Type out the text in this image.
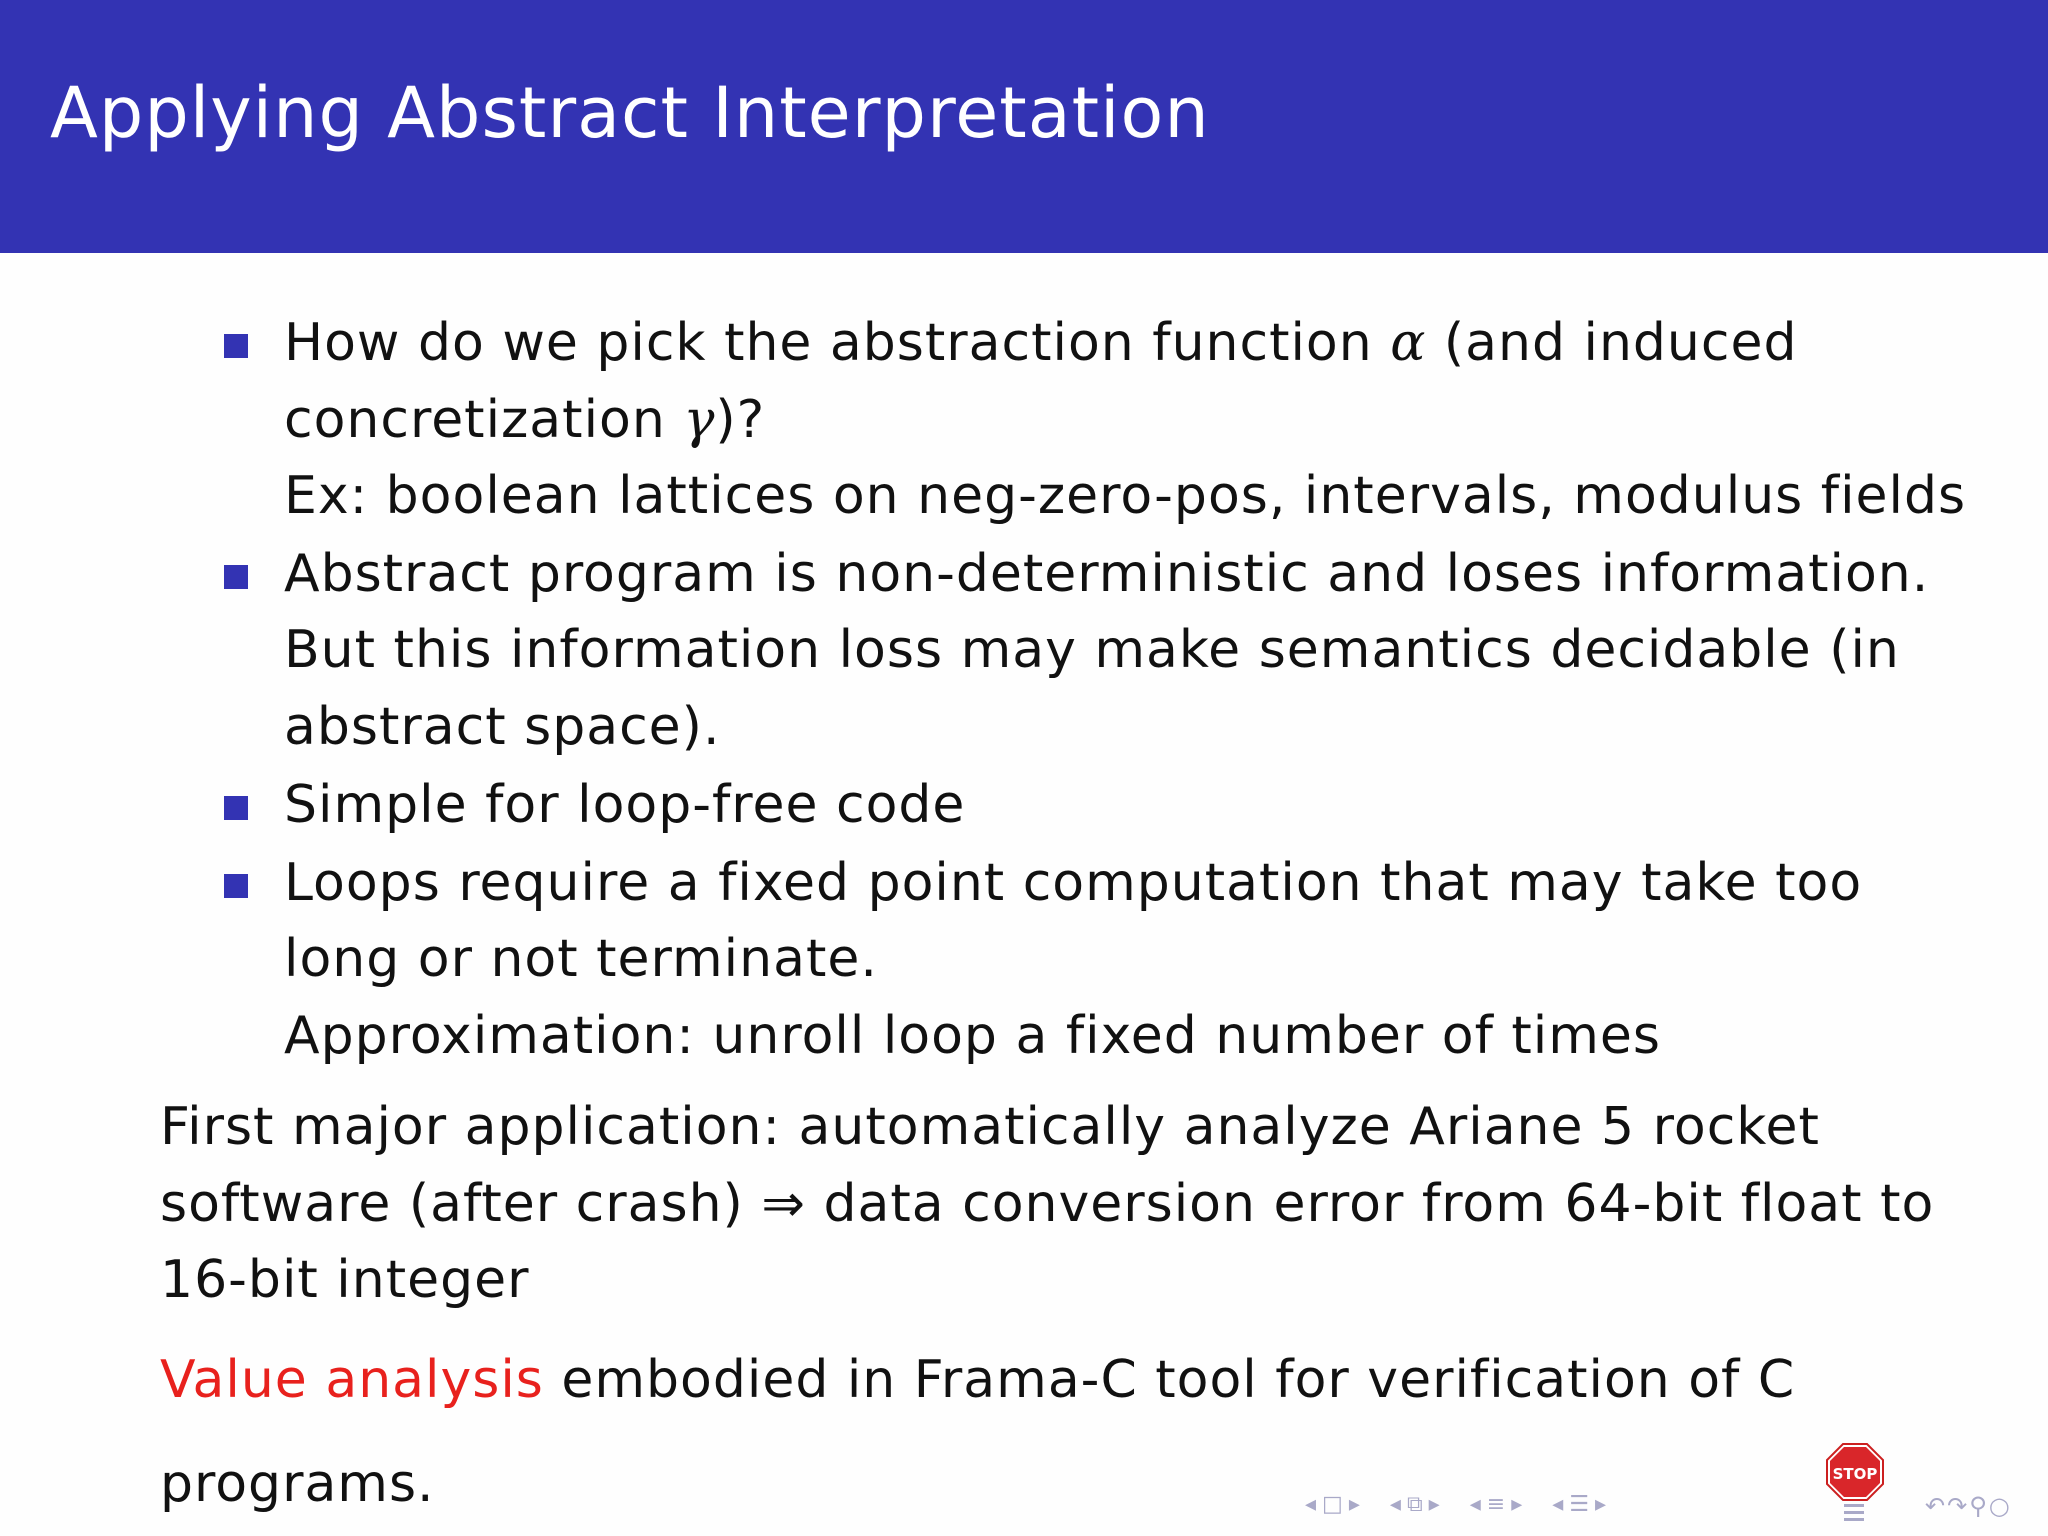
Applying Abstract Interpretation
How do we pick the abstraction function α (and induced
concretization γ)?
Ex: boolean lattices on neg-zero-pos, intervals, modulus fields
Abstract program is non-deterministic and loses information.
But this information loss may make semantics decidable (in
abstract space).
Simple for loop-free code
Loops require a fixed point computation that may take too
long or not terminate.
Approximation: unroll loop a fixed number of times
First major application: automatically analyze Ariane 5 rocket
software (after crash) ⇒ data conversion error from 64-bit float to
16-bit integer
Value analysis embodied in Frama-C tool for verification of C
programs.	◂ □ ▸ ◂ ⧉ ▸ ◂ ≡ ▸ ◂ ☰ ▸
STOP
↶↷⚲○
